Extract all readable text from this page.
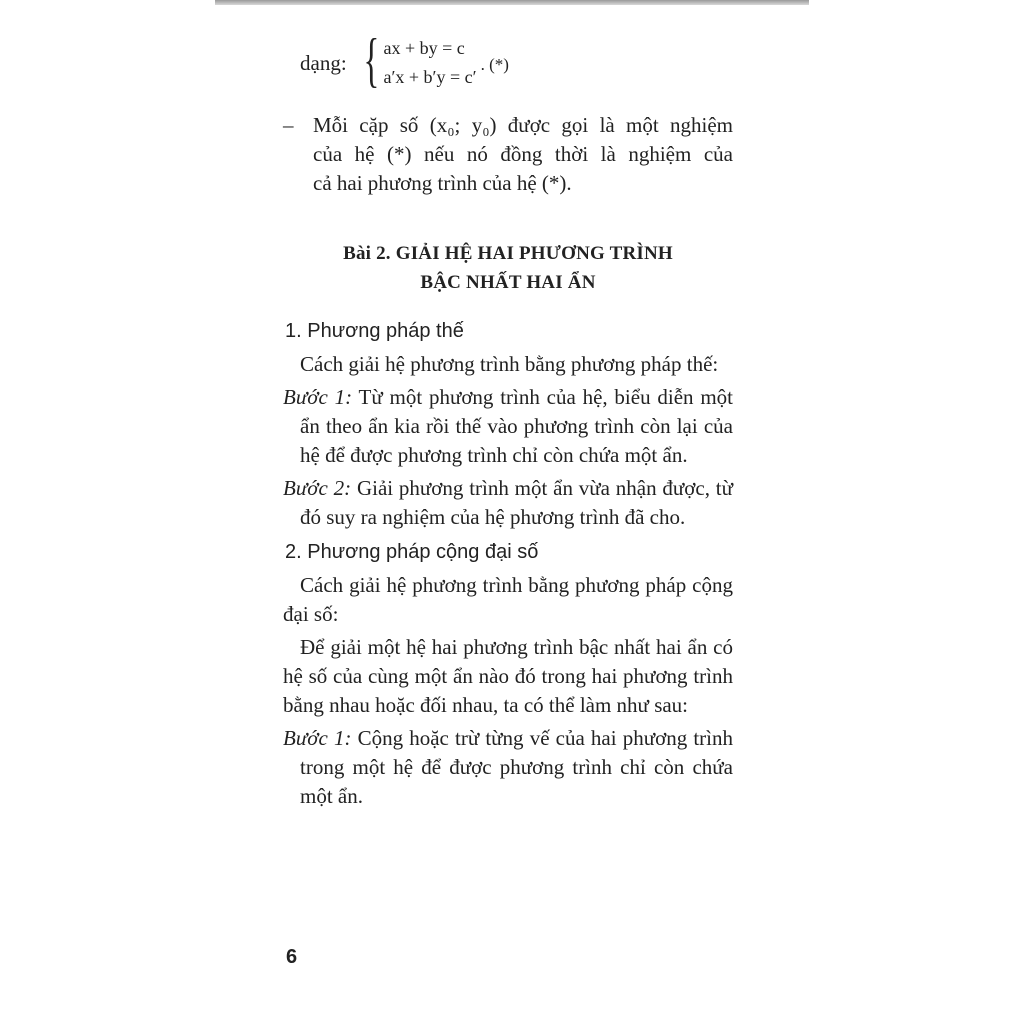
dạng: { ax + by = c
a′x + b′y = c′
. (*)
– Mỗi cặp số (x₀; y₀) được gọi là một nghiệm
của hệ (*) nếu nó đồng thời là nghiệm của
cả hai phương trình của hệ (*).
Bài 2. GIẢI HỆ HAI PHƯƠNG TRÌNH
BẬC NHẤT HAI ẨN
1. Phương pháp thế
Cách giải hệ phương trình bằng phương pháp thế:
Bước 1: Từ một phương trình của hệ, biểu diễn một ẩn theo ẩn kia rồi thế vào phương trình còn lại của hệ để được phương trình chỉ còn chứa một ẩn.
Bước 2: Giải phương trình một ẩn vừa nhận được, từ đó suy ra nghiệm của hệ phương trình đã cho.
2. Phương pháp cộng đại số
Cách giải hệ phương trình bằng phương pháp cộng đại số:
Để giải một hệ hai phương trình bậc nhất hai ẩn có hệ số của cùng một ẩn nào đó trong hai phương trình bằng nhau hoặc đối nhau, ta có thể làm như sau:
Bước 1: Cộng hoặc trừ từng vế của hai phương trình trong một hệ để được phương trình chỉ còn chứa một ẩn.
6
